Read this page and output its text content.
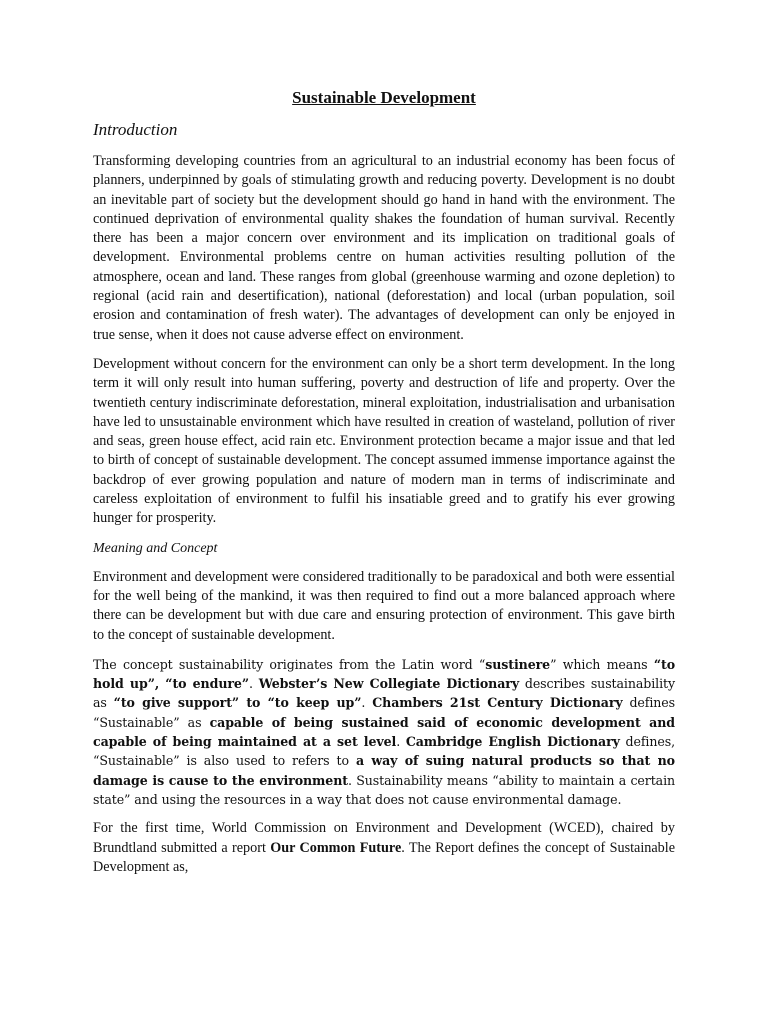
Sustainable Development
Introduction

Transforming developing countries from an agricultural to an industrial economy has been focus of planners, underpinned by goals of stimulating growth and reducing poverty. Development is no doubt an inevitable part of society but the development should go hand in hand with the environment. The continued deprivation of environmental quality shakes the foundation of human survival. Recently there has been a major concern over environment and its implication on traditional goals of development. Environmental problems centre on human activities resulting pollution of the atmosphere, ocean and land. These ranges from global (greenhouse warming and ozone depletion) to regional (acid rain and desertification), national (deforestation) and local (urban population, soil erosion and contamination of fresh water). The advantages of development can only be enjoyed in true sense, when it does not cause adverse effect on environment.

Development without concern for the environment can only be a short term development. In the long term it will only result into human suffering, poverty and destruction of life and property. Over the twentieth century indiscriminate deforestation, mineral exploitation, industrialisation and urbanisation have led to unsustainable environment which have resulted in creation of wasteland, pollution of river and seas, green house effect, acid rain etc. Environment protection became a major issue and that led to birth of concept of sustainable development. The concept assumed immense importance against the backdrop of ever growing population and nature of modern man in terms of indiscriminate and careless exploitation of environment to fulfil his insatiable greed and to gratify his ever growing hunger for prosperity.

Meaning and Concept

Environment and development were considered traditionally to be paradoxical and both were essential for the well being of the mankind, it was then required to find out a more balanced approach where there can be development but with due care and ensuring protection of environment. This gave birth to the concept of sustainable development.

The concept sustainability originates from the Latin word “sustinere” which means “to hold up”, “to endure”. Webster’s New Collegiate Dictionary describes sustainability as “to give support” to “to keep up”. Chambers 21st Century Dictionary defines “Sustainable” as capable of being sustained said of economic development and capable of being maintained at a set level. Cambridge English Dictionary defines, “Sustainable” is also used to refers to a way of suing natural products so that no damage is cause to the environment. Sustainability means “ability to maintain a certain state” and using the resources in a way that does not cause environmental damage.

For the first time, World Commission on Environment and Development (WCED), chaired by Brundtland submitted a report Our Common Future. The Report defines the concept of Sustainable Development as,
